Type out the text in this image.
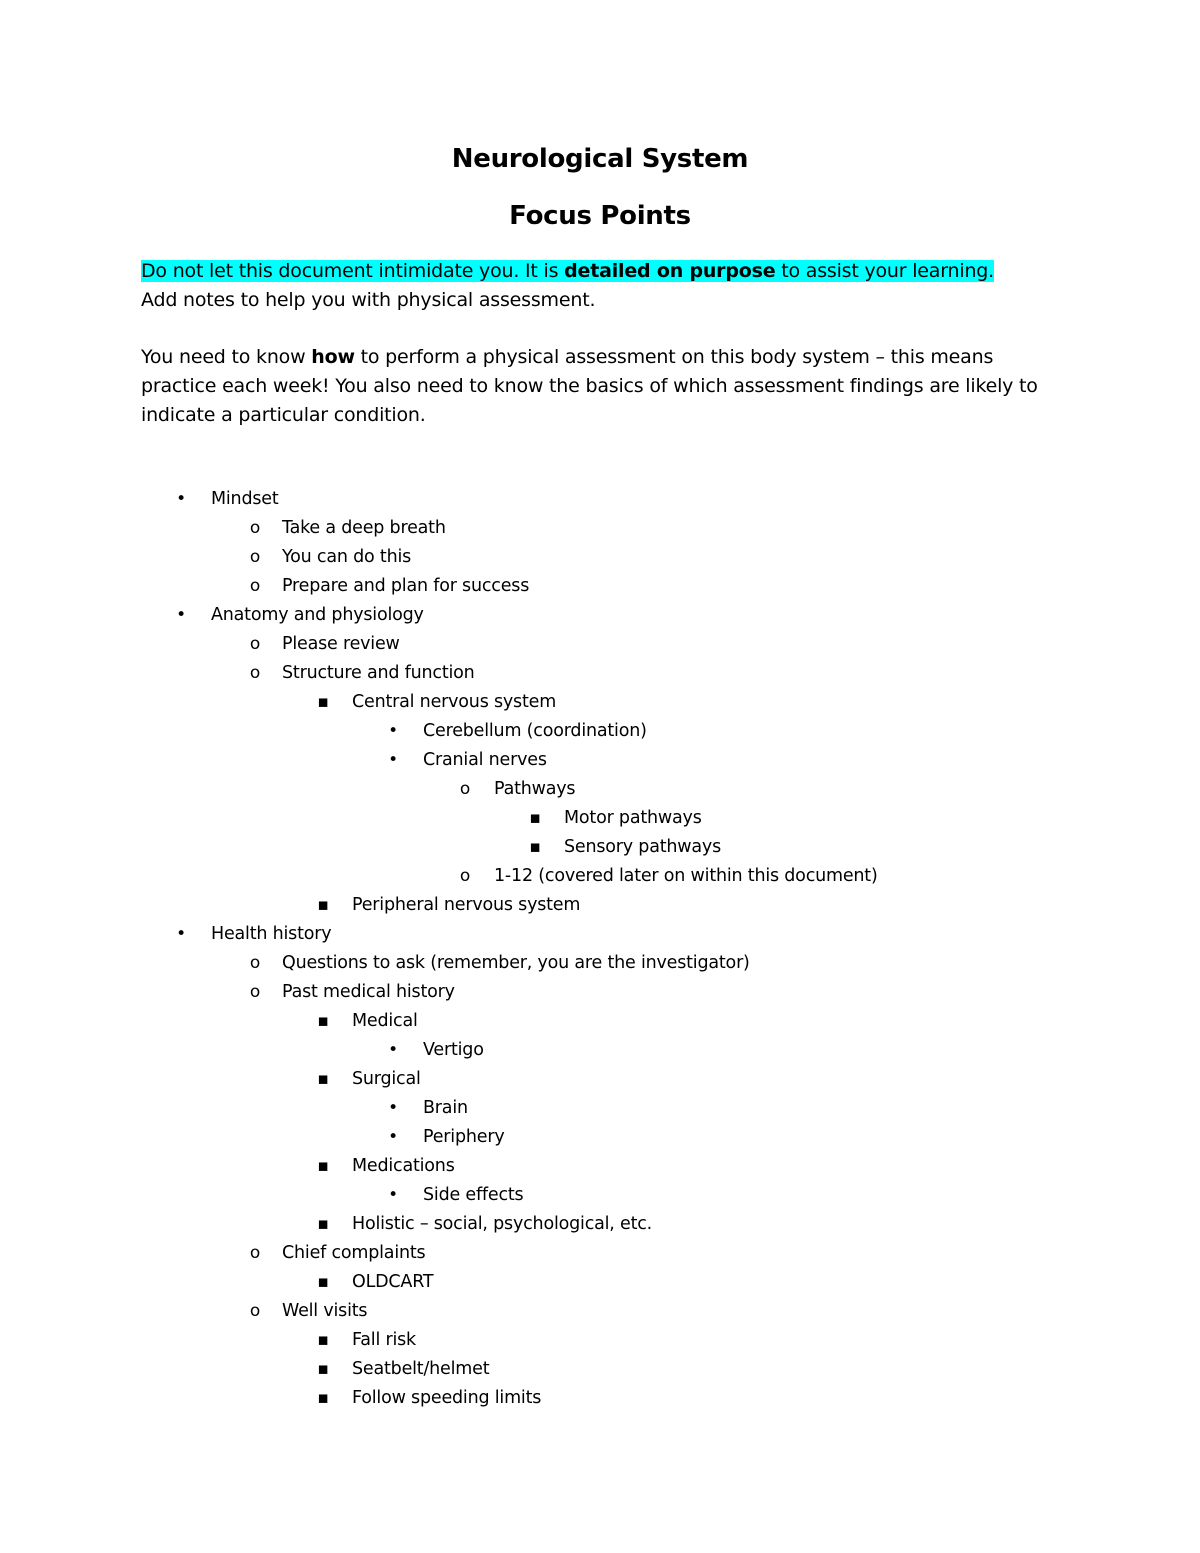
Neurological System
Focus Points
Do not let this document intimidate you. It is detailed on purpose to assist your learning.
Add notes to help you with physical assessment.
You need to know how to perform a physical assessment on this body system – this means
practice each week! You also need to know the basics of which assessment findings are likely to
indicate a particular condition.
• Mindset
o Take a deep breath
o You can do this
o Prepare and plan for success
• Anatomy and physiology
o Please review
o Structure and function
▪ Central nervous system
• Cerebellum (coordination)
• Cranial nerves
o Pathways
▪ Motor pathways
▪ Sensory pathways
o 1-12 (covered later on within this document)
▪ Peripheral nervous system
• Health history
o Questions to ask (remember, you are the investigator)
o Past medical history
▪ Medical
• Vertigo
▪ Surgical
• Brain
• Periphery
▪ Medications
• Side effects
▪ Holistic – social, psychological, etc.
o Chief complaints
▪ OLDCART
o Well visits
▪ Fall risk
▪ Seatbelt/helmet
▪ Follow speeding limits
